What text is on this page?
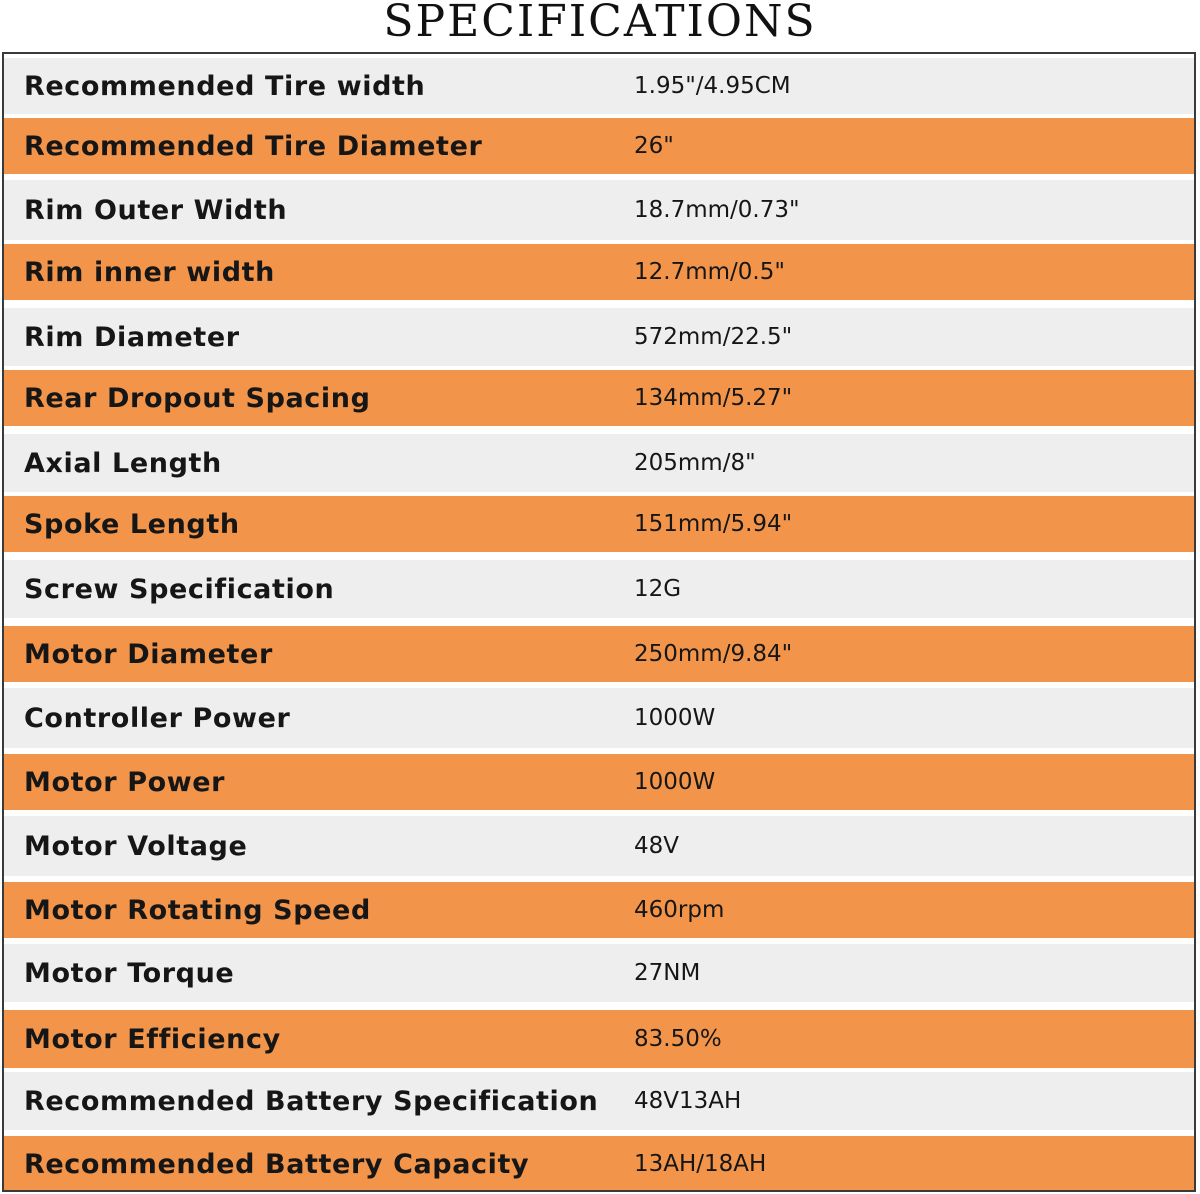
SPECIFICATIONS
Recommended Tire width	1.95"/4.95CM
Recommended Tire Diameter	26"
Rim Outer Width	18.7mm/0.73"
Rim inner width	12.7mm/0.5"
Rim Diameter	572mm/22.5"
Rear Dropout Spacing	134mm/5.27"
Axial Length	205mm/8"
Spoke Length	151mm/5.94"
Screw Specification	12G
Motor Diameter	250mm/9.84"
Controller Power	1000W
Motor Power	1000W
Motor Voltage	48V
Motor Rotating Speed	460rpm
Motor Torque	27NM
Motor Efficiency	83.50%
Recommended Battery Specification 48V13AH
Recommended Battery Capacity	13AH/18AH
